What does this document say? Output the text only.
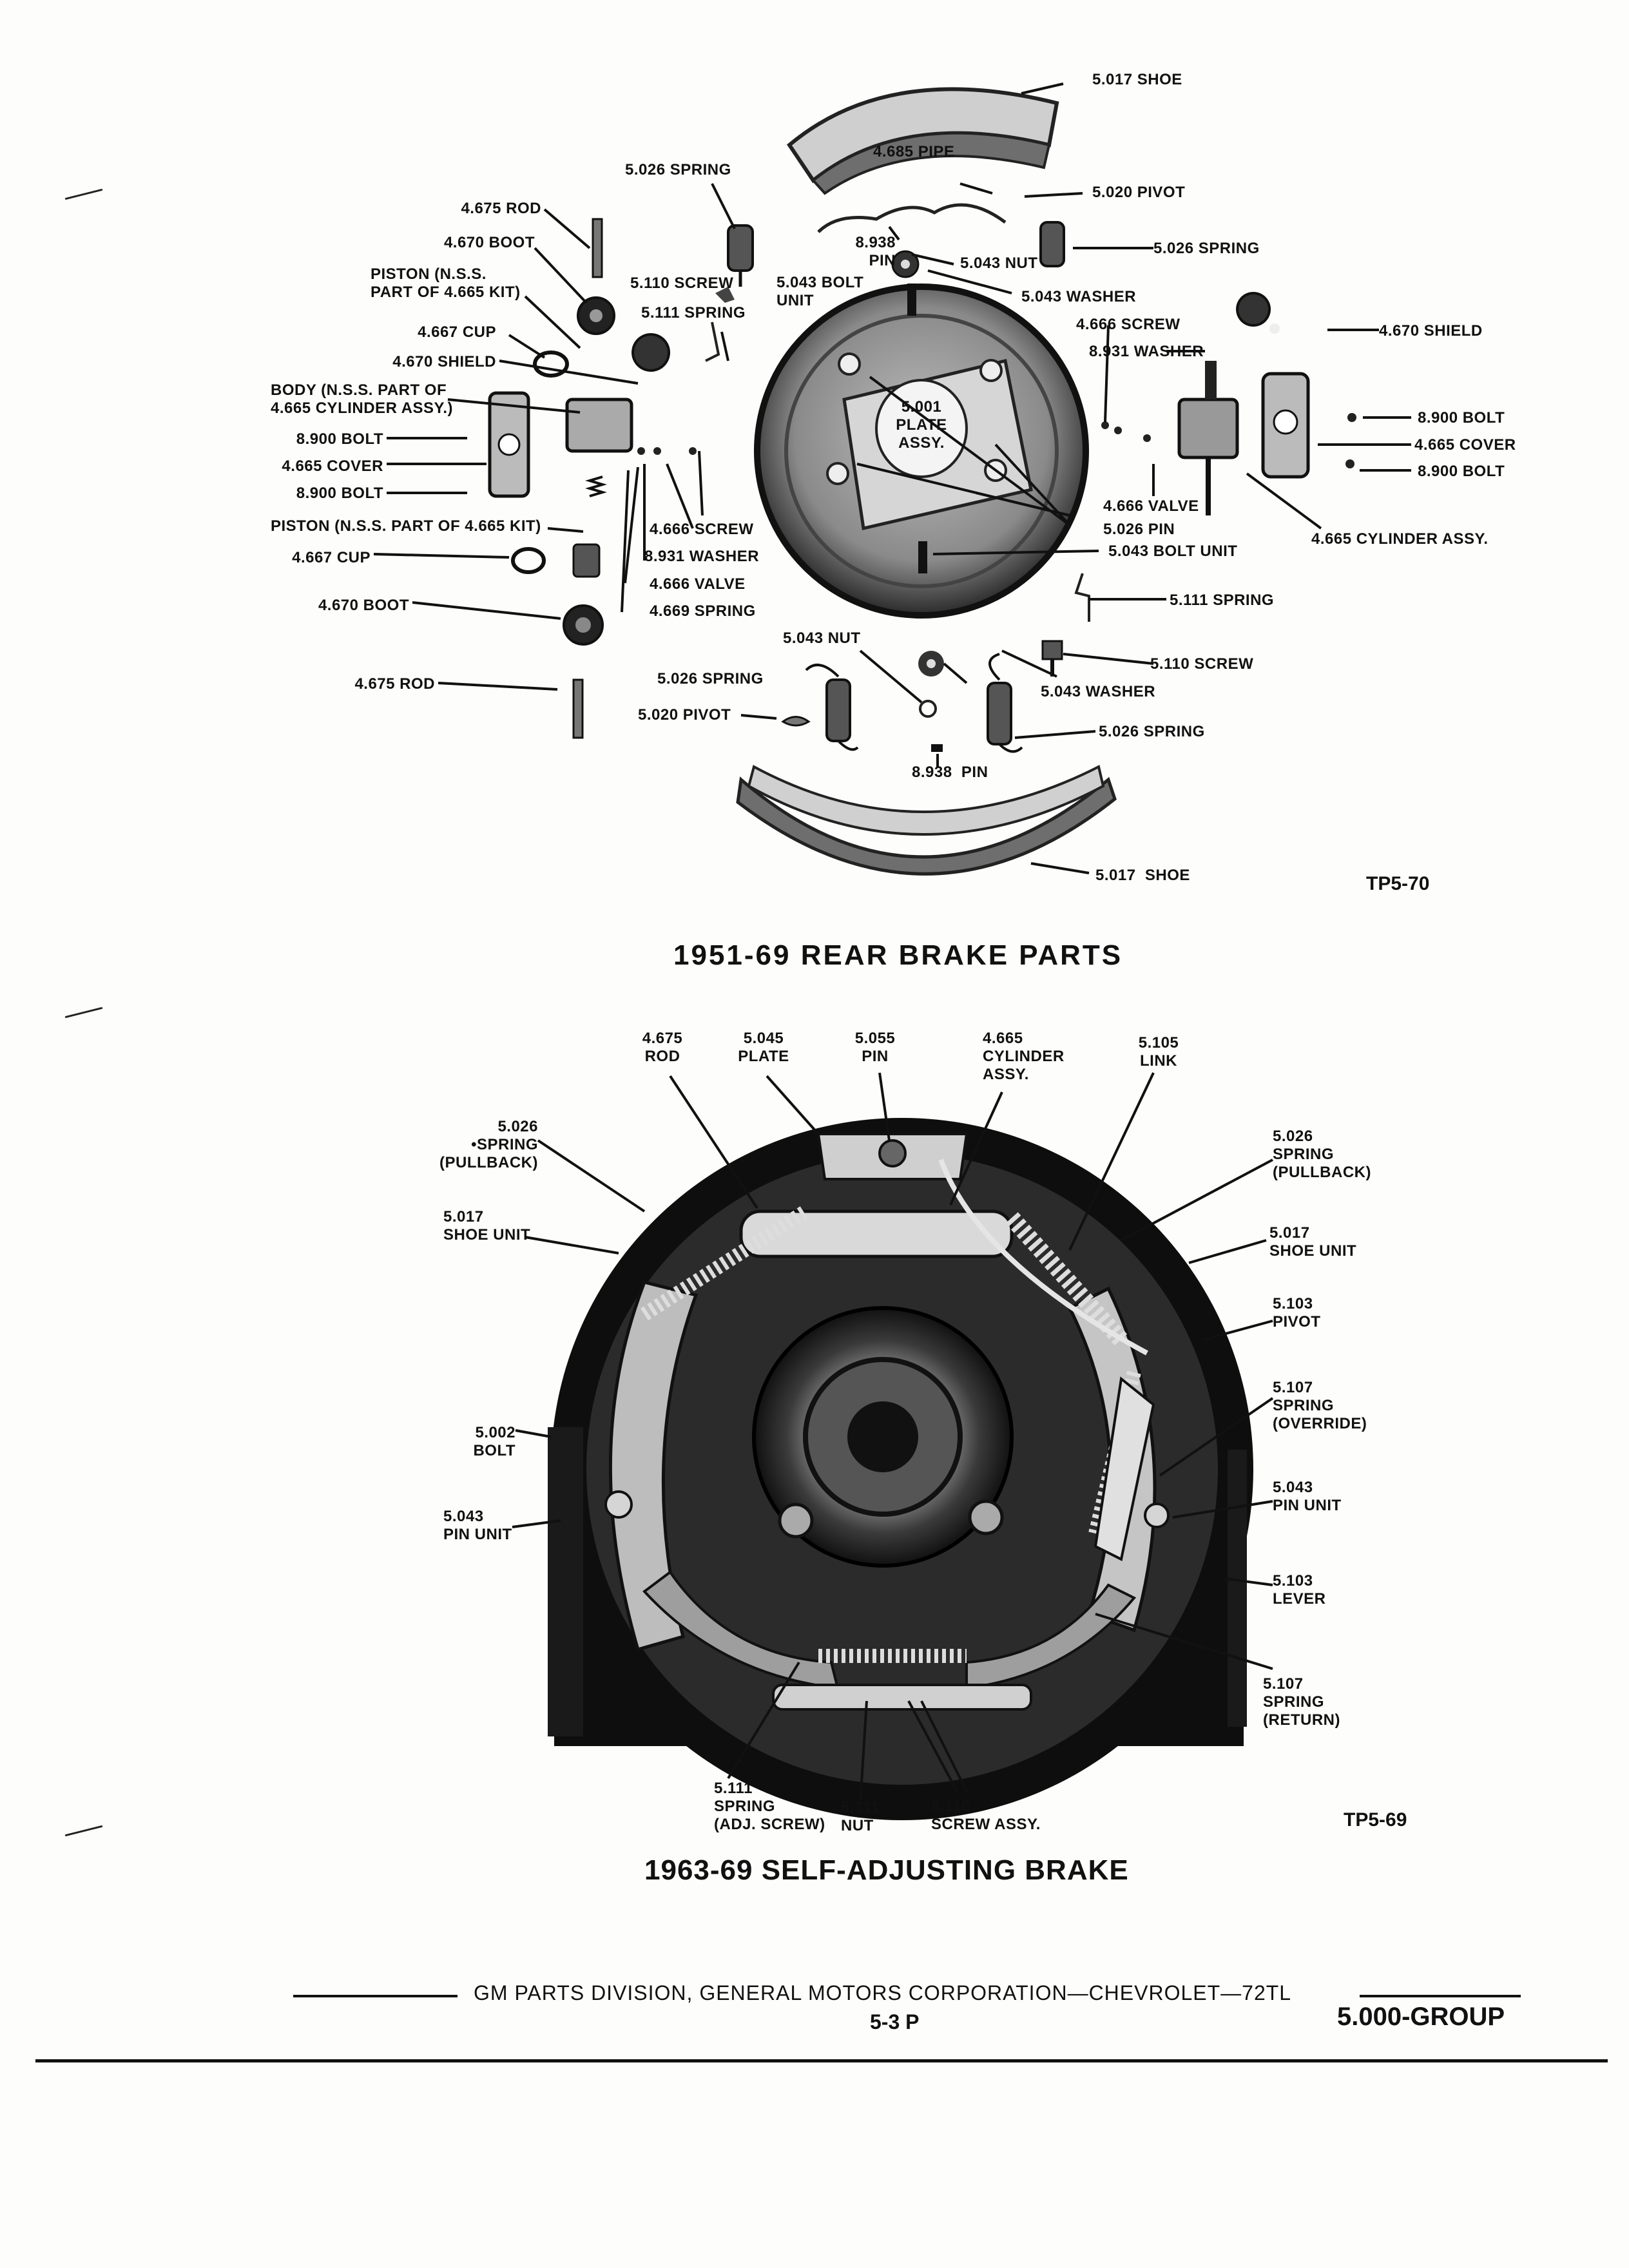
5.017 SHOE
4.685 PIPE
5.020 PIVOT
5.026 SPRING
5.026 SPRING
8.938
PIN	5.043 NUT
5.043 WASHER
5.043 BOLT
UNIT
4.675 ROD
4.670 BOOT
PISTON (N.S.S.
PART OF 4.665 KIT)
5.110 SCREW
5.111 SPRING
4.667 CUP
4.670 SHIELD
BODY (N.S.S. PART OF
4.665 CYLINDER ASSY.)
8.900 BOLT
4.665 COVER
8.900 BOLT
PISTON (N.S.S. PART OF 4.665 KIT)
4.667 CUP
4.670 BOOT
4.675 ROD
5.001
PLATE
ASSY.
4.666 SCREW
8.931 WASHER
4.666 VALVE
4.669 SPRING
4.666 SCREW
8.931 WASHER
4.670 SHIELD
8.900 BOLT
4.665 COVER
8.900 BOLT
4.666 VALVE
5.026 PIN
5.043 BOLT UNIT
4.665 CYLINDER ASSY.
5.111 SPRING
5.043 NUT
5.110 SCREW
5.026 SPRING
5.043 WASHER
5.020 PIVOT
5.026 SPRING
8.938  PIN
5.017  SHOE	TP5-70
1951-69 REAR BRAKE PARTS
4.675
ROD
5.045
PLATE
5.055
PIN
4.665
CYLINDER
ASSY.
5.105
LINK
5.026
•SPRING
(PULLBACK)
5.026
SPRING
(PULLBACK)
5.017
SHOE UNIT	5.017
SHOE UNIT
5.103
PIVOT
5.107
SPRING
(OVERRIDE)
5.002
BOLT
5.043
PIN UNIT
5.043
PIN UNIT
5.103
LEVER
5.107
SPRING
(RETURN)
5.111
SPRING
(ADJ. SCREW)
5.111
NUT
5.110
SCREW ASSY.	TP5-69
1963-69 SELF-ADJUSTING BRAKE
GM PARTS DIVISION, GENERAL MOTORS CORPORATION—CHEVROLET—72TL
5-3 P	5.000-GROUP
